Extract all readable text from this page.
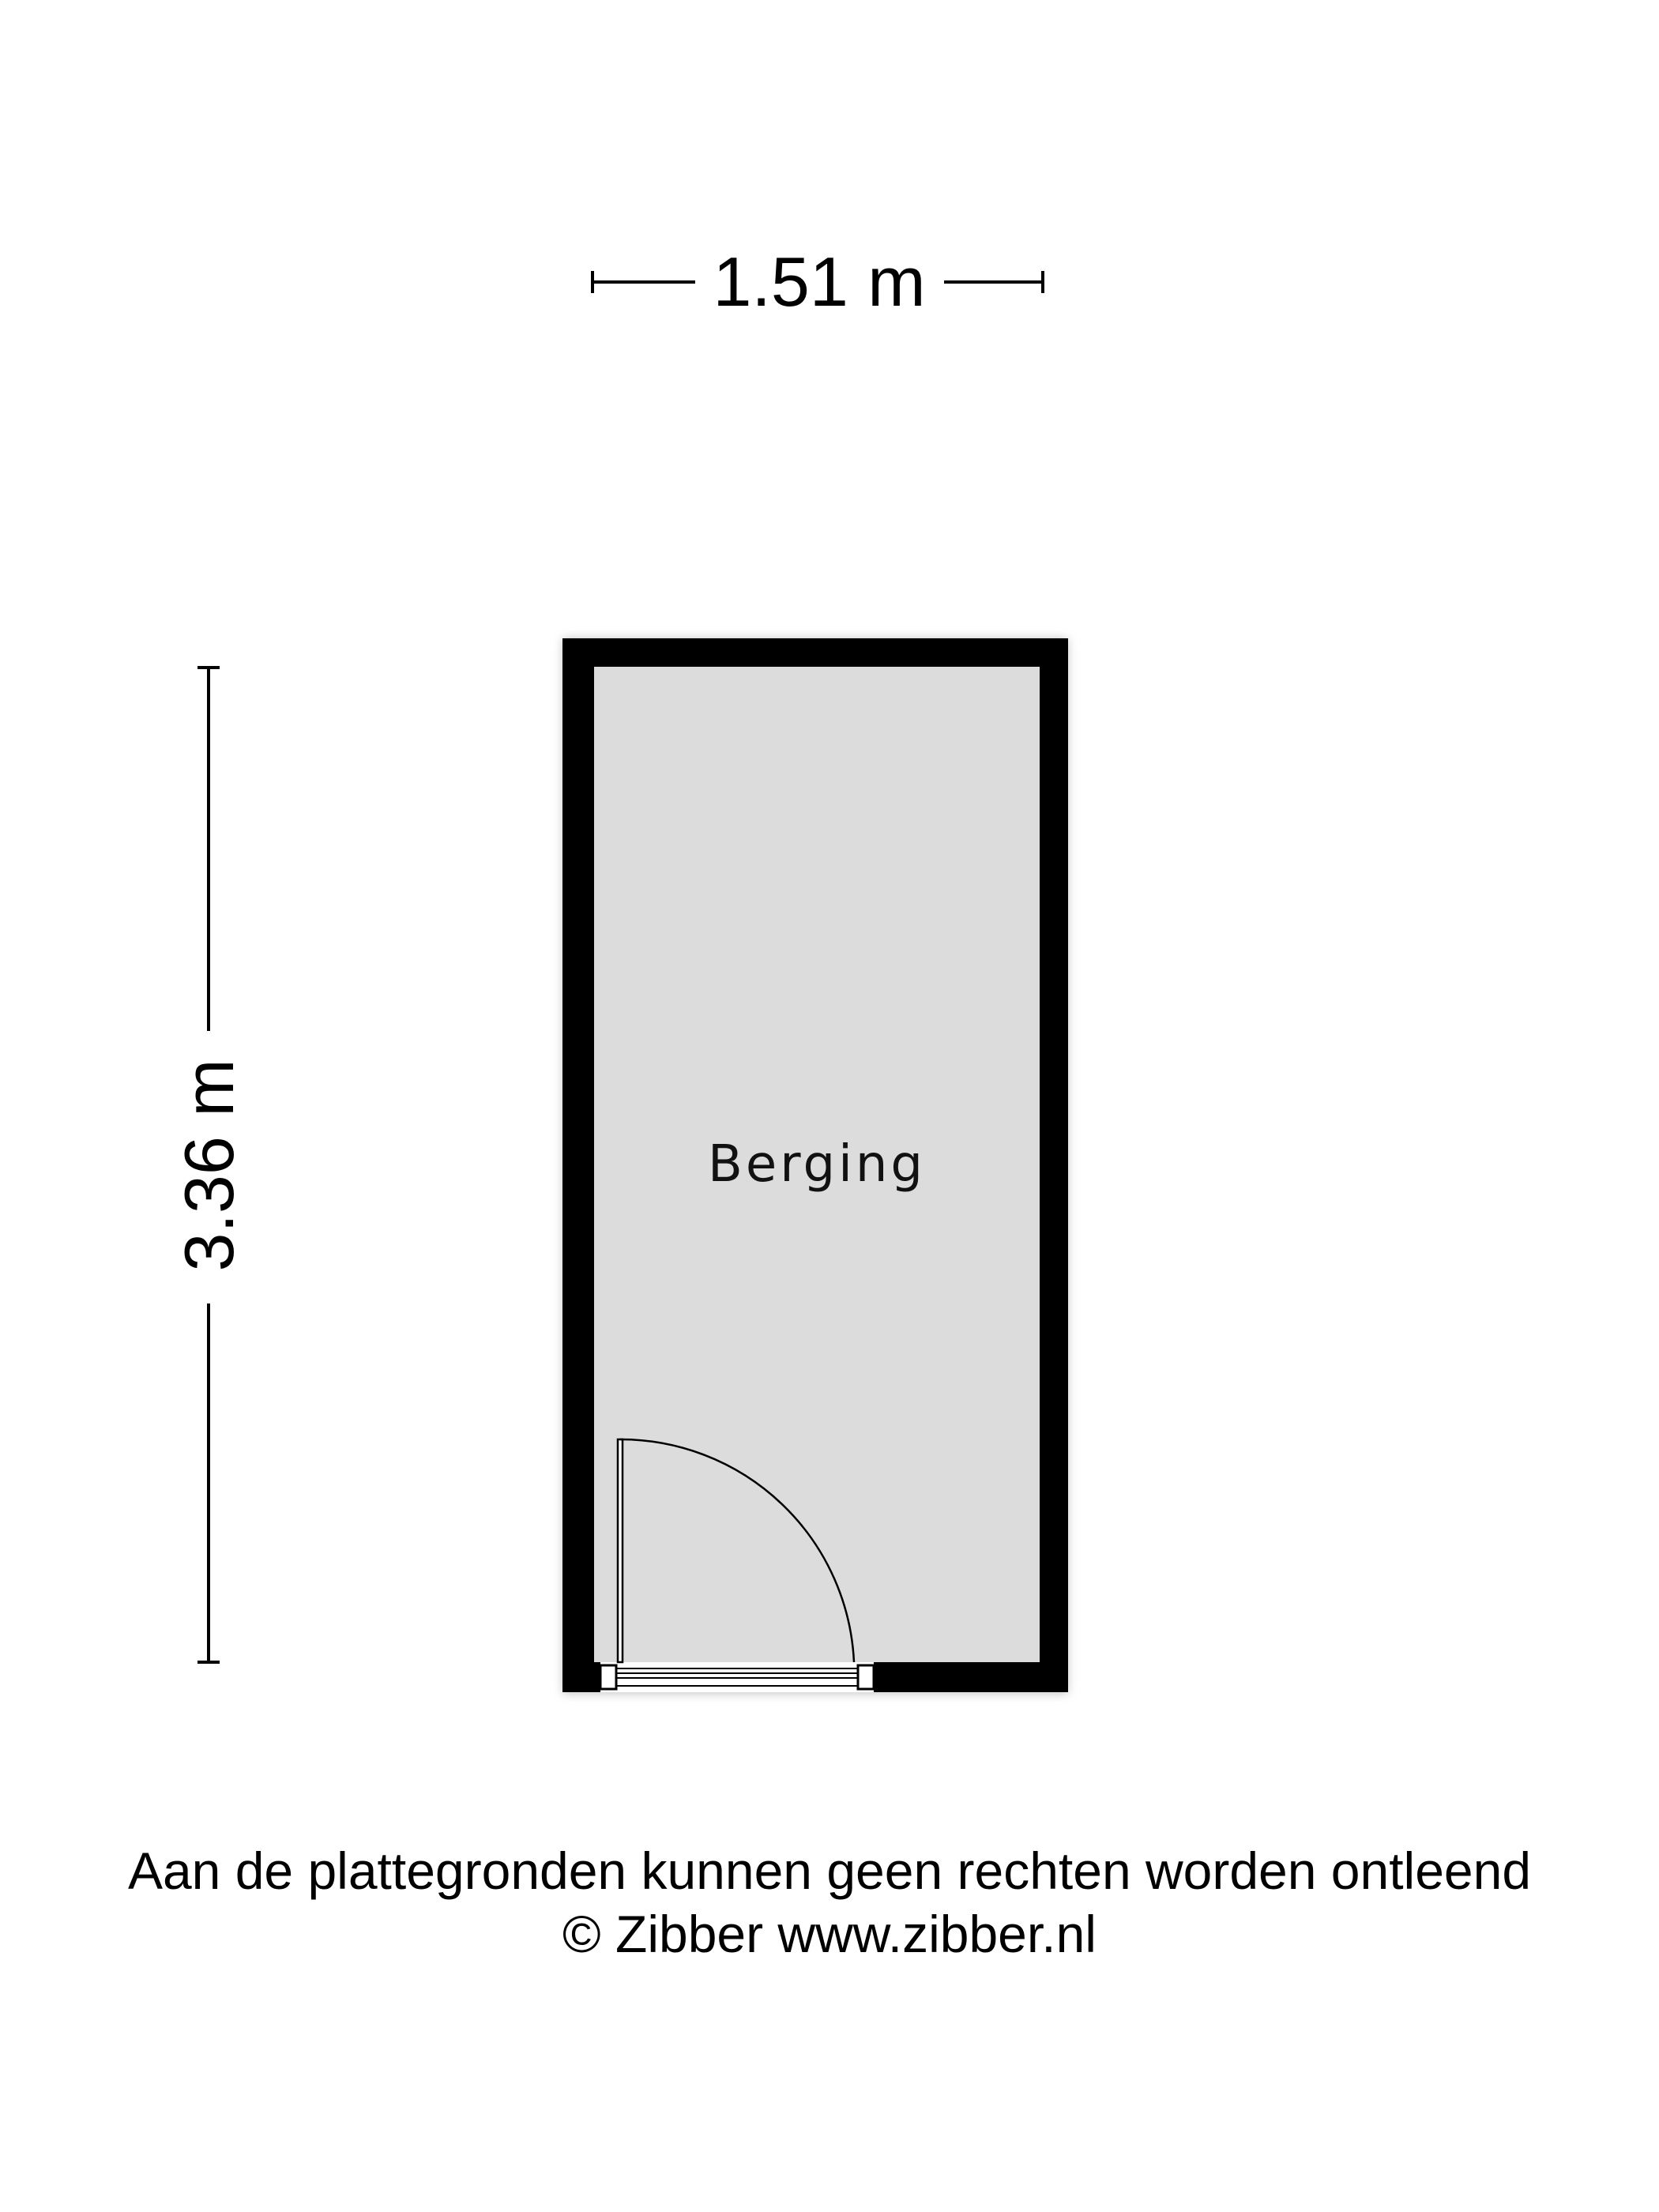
1.51 m
3.36 m	Berging
Aan de plattegronden kunnen geen rechten worden ontleend
© Zibber www.zibber.nl
